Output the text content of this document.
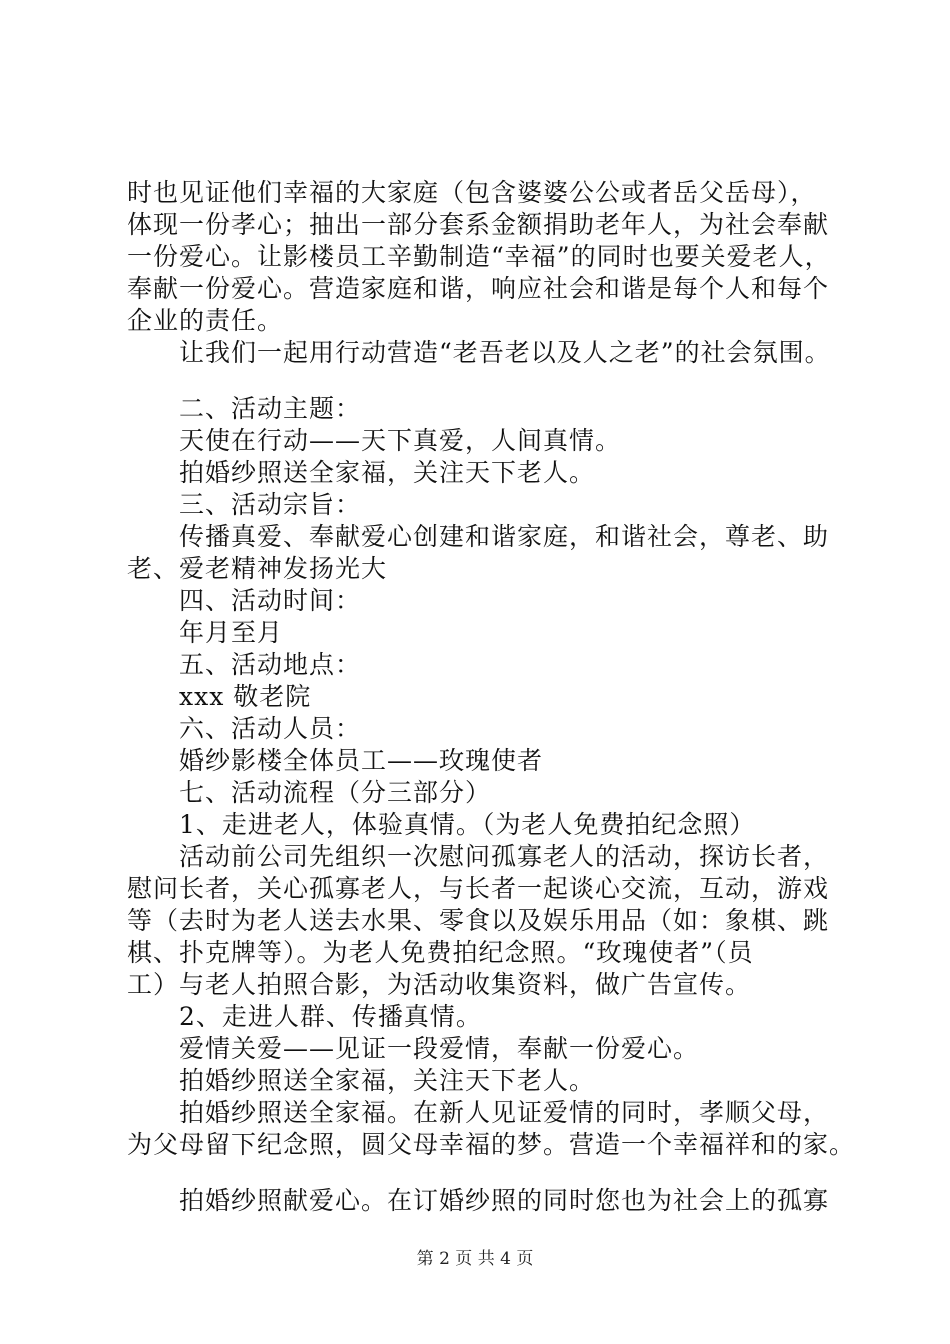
时也见证他们幸福的大家庭（包含婆婆公公或者岳父岳母），
体现一份孝心；抽出一部分套系金额捐助老年人，为社会奉献
一份爱心。让影楼员工辛勤制造“幸福”的同时也要关爱老人，
奉献一份爱心。营造家庭和谐，响应社会和谐是每个人和每个
企业的责任。
让我们一起用行动营造“老吾老以及人之老”的社会氛围。
二、活动主题：
天使在行动——天下真爱，人间真情。
拍婚纱照送全家福，关注天下老人。
三、活动宗旨：
传播真爱、奉献爱心创建和谐家庭，和谐社会，尊老、助
老、爱老精神发扬光大
四、活动时间：
年月至月
五、活动地点：
xxx 敬老院
六、活动人员：
婚纱影楼全体员工——玫瑰使者
七、活动流程（分三部分）
1、走进老人，体验真情。（为老人免费拍纪念照）
活动前公司先组织一次慰问孤寡老人的活动，探访长者，
慰问长者，关心孤寡老人，与长者一起谈心交流，互动，游戏
等（去时为老人送去水果、零食以及娱乐用品（如：象棋、跳
棋、扑克牌等）。为老人免费拍纪念照。“玫瑰使者”（员
工）与老人拍照合影，为活动收集资料，做广告宣传。
2、走进人群、传播真情。
爱情关爱——见证一段爱情，奉献一份爱心。
拍婚纱照送全家福，关注天下老人。
拍婚纱照送全家福。在新人见证爱情的同时，孝顺父母，
为父母留下纪念照，圆父母幸福的梦。营造一个幸福祥和的家。
拍婚纱照献爱心。在订婚纱照的同时您也为社会上的孤寡
第 2 页 共 4 页
